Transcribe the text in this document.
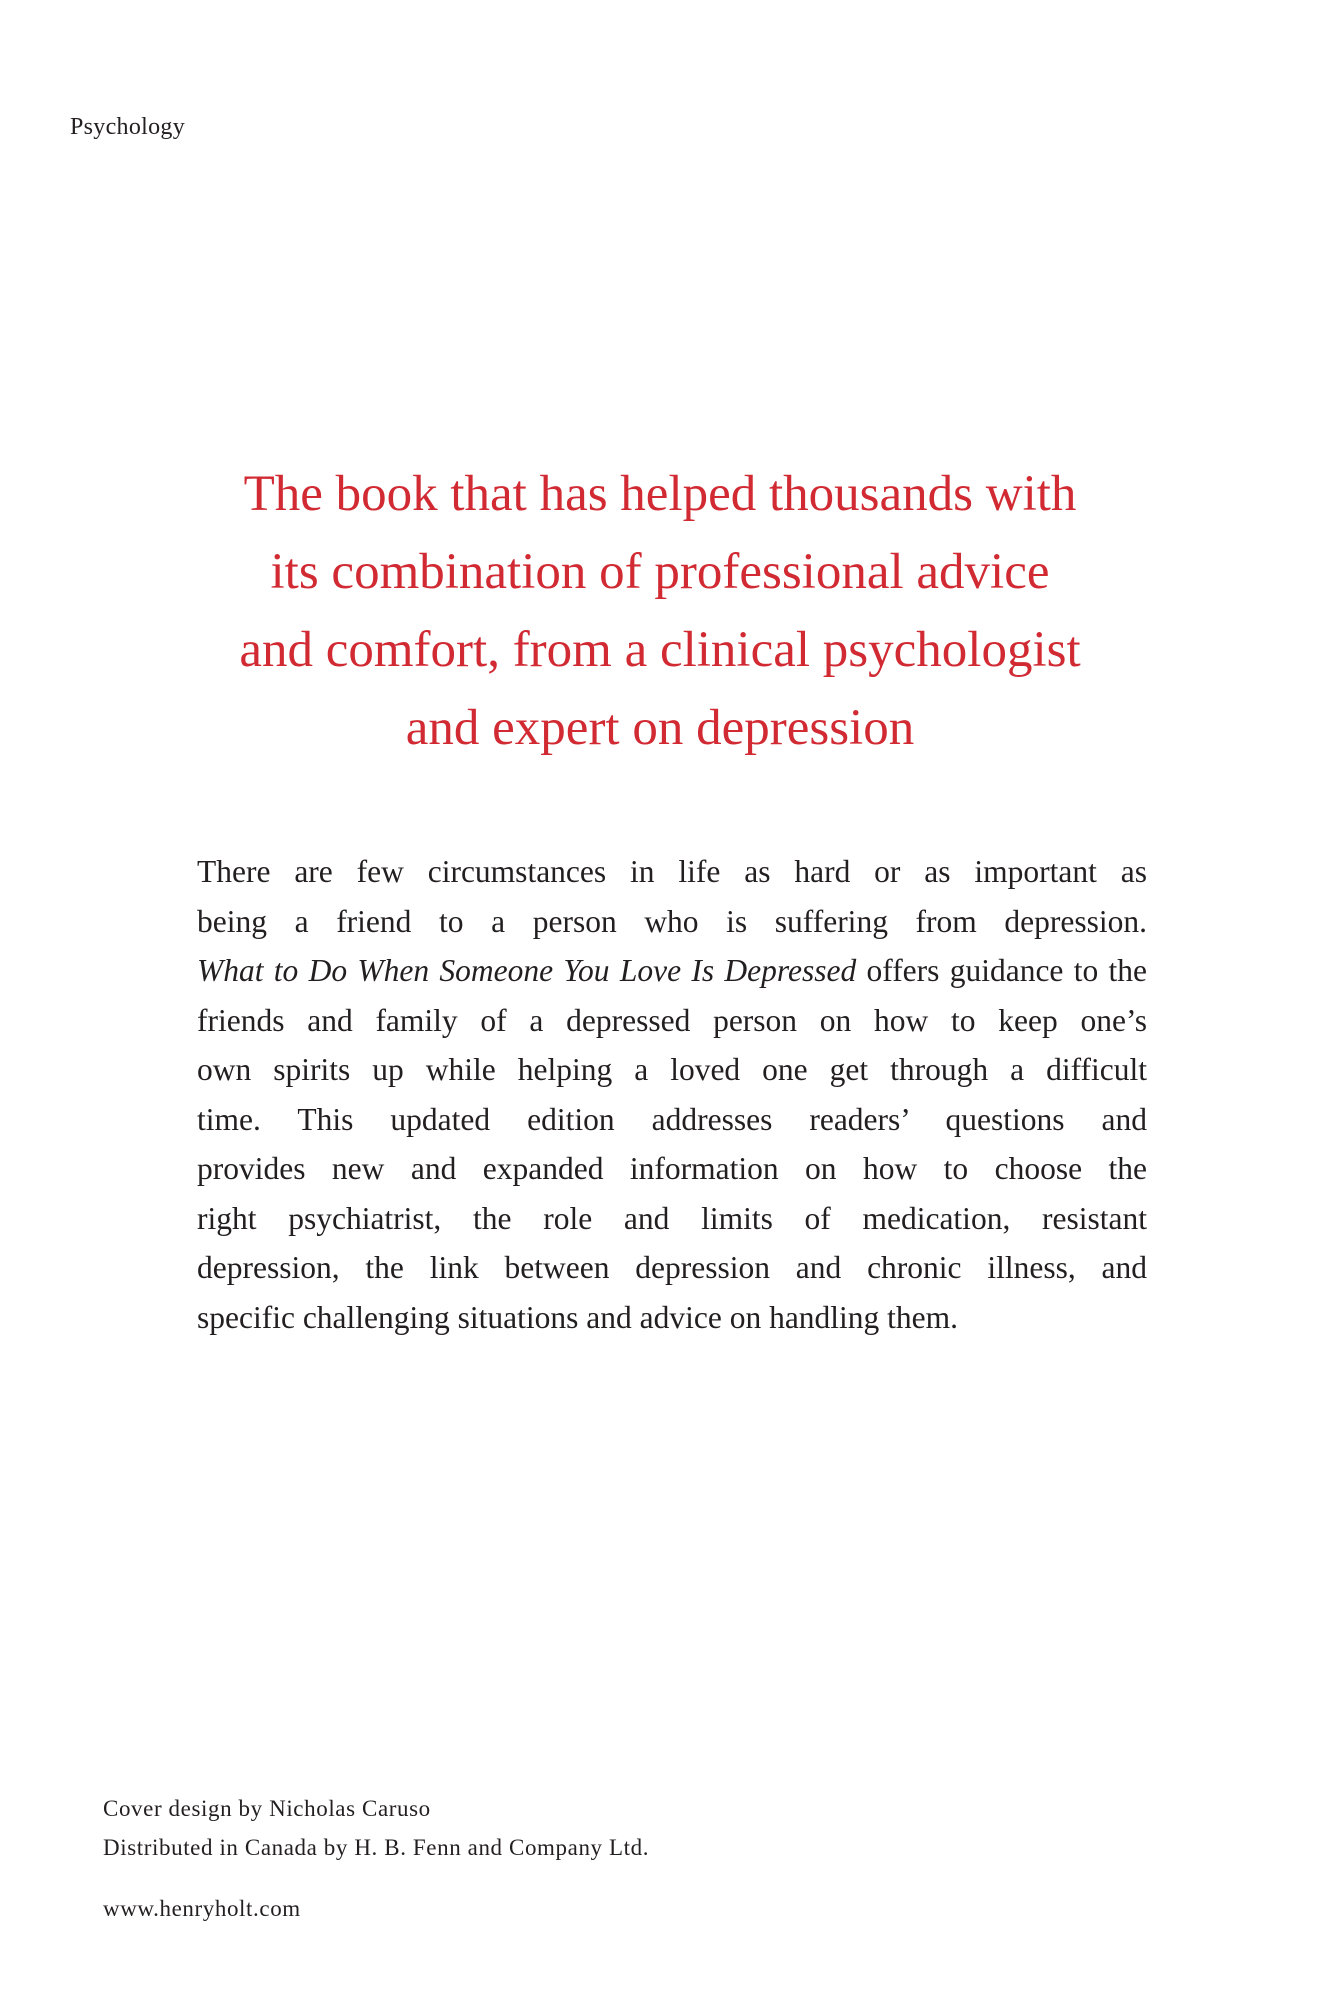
Psychology
The book that has helped thousands with
its combination of professional advice
and comfort, from a clinical psychologist
and expert on depression
There are few circumstances in life as hard or as important as
being a friend to a person who is suffering from depression.
What to Do When Someone You Love Is Depressed offers guidance to the
friends and family of a depressed person on how to keep one’s
own spirits up while helping a loved one get through a difficult
time. This updated edition addresses readers’ questions and
provides new and expanded information on how to choose the
right psychiatrist, the role and limits of medication, resistant
depression, the link between depression and chronic illness, and
specific challenging situations and advice on handling them.
Cover design by Nicholas Caruso
Distributed in Canada by H. B. Fenn and Company Ltd.
www.henryholt.com
